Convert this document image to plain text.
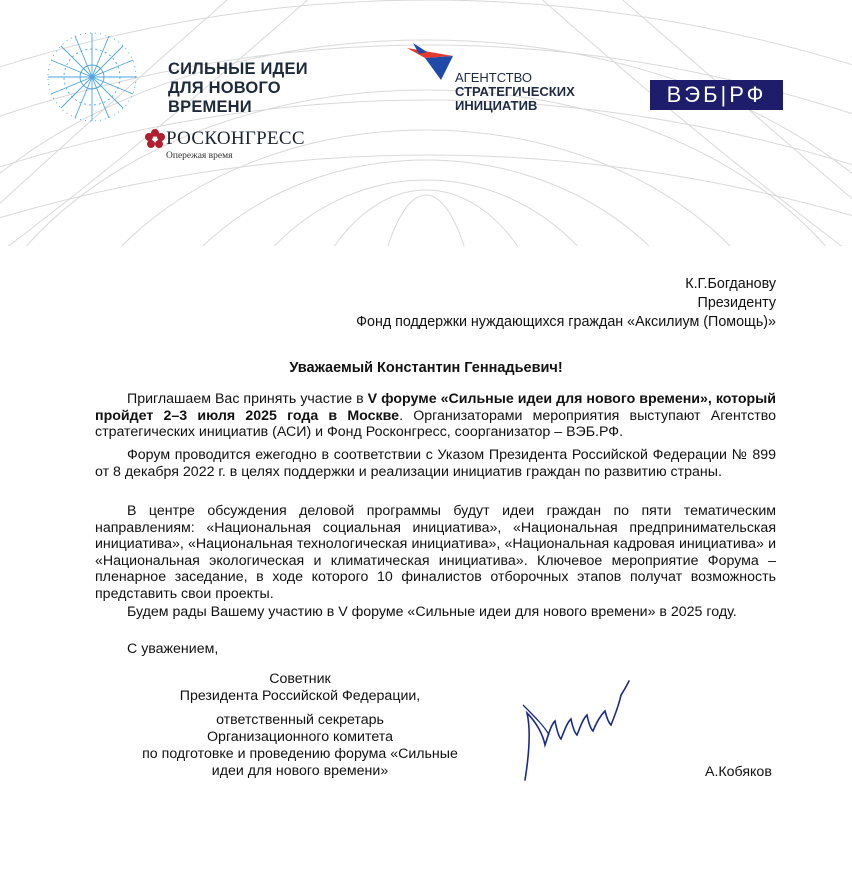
СИЛЬНЫЕ ИДЕИ
ДЛЯ НОВОГО
ВРЕМЕНИ
РОСКОНГРЕСС
Опережая время
АГЕНТСТВО
СТРАТЕГИЧЕСКИХ
ИНИЦИАТИВ	ВЭБ|РФ
К.Г.Богданову
Президенту
Фонд поддержки нуждающихся граждан «Аксилиум (Помощь)»
Уважаемый Константин Геннадьевич!
Приглашаем Вас принять участие в V форуме «Сильные идеи для нового времени», который пройдет 2–3 июля 2025 года в Москве. Организаторами мероприятия выступают Агентство стратегических инициатив (АСИ) и Фонд Росконгресс, соорганизатор – ВЭБ.РФ.
Форум проводится ежегодно в соответствии с Указом Президента Российской Федерации № 899 от 8 декабря 2022 г. в целях поддержки и реализации инициатив граждан по развитию страны.
В центре обсуждения деловой программы будут идеи граждан по пяти тематическим направлениям: «Национальная социальная инициатива», «Национальная предпринимательская инициатива», «Национальная технологическая инициатива», «Национальная кадровая инициатива» и «Национальная экологическая и климатическая инициатива». Ключевое мероприятие Форума – пленарное заседание, в ходе которого 10 финалистов отборочных этапов получат возможность представить свои проекты.
Будем рады Вашему участию в V форуме «Сильные идеи для нового времени» в 2025 году.
С уважением,
Советник
Президента Российской Федерации,
ответственный секретарь
Организационного комитета
по подготовке и проведению форума «Сильные
идеи для нового времени»	А.Кобяков
